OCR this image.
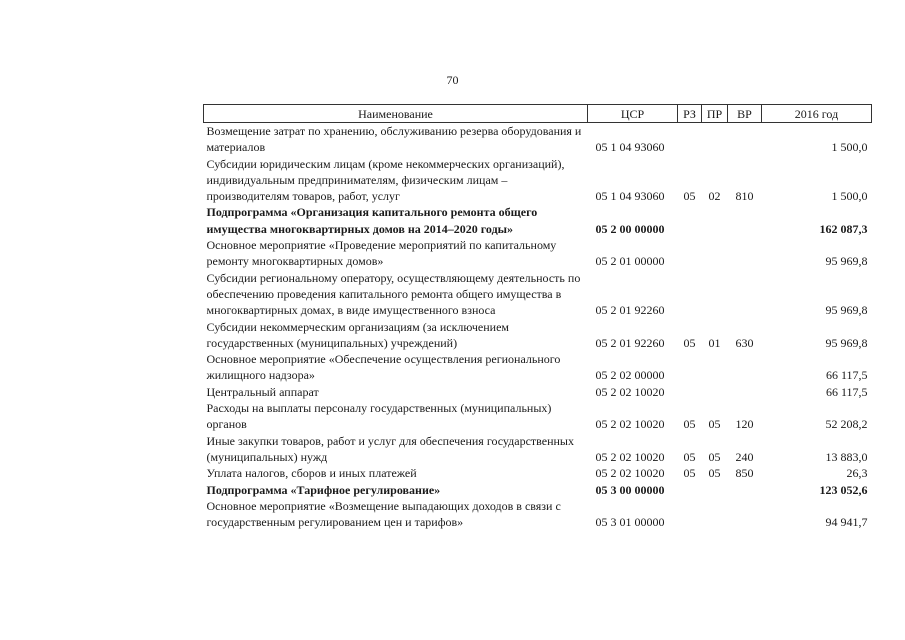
70
Наименование	ЦСР	РЗ	ПР	ВР	2016 год
Возмещение затрат по хранению, обслуживанию резерва оборудования и материалов	05 1 04 93060				1 500,0
Субсидии юридическим лицам (кроме некоммерческих организаций), индивидуальным предпринимателям, физическим лицам – производителям товаров, работ, услуг	05 1 04 93060	05	02	810	1 500,0
Подпрограмма «Организация капитального ремонта общего имущества многоквартирных домов на 2014–2020 годы»	05 2 00 00000				162 087,3
Основное мероприятие «Проведение мероприятий по капитальному ремонту многоквартирных домов»	05 2 01 00000				95 969,8
Субсидии региональному оператору, осуществляющему деятельность по обеспечению проведения капитального ремонта общего имущества в многоквартирных домах, в виде имущественного взноса	05 2 01 92260				95 969,8
Субсидии некоммерческим организациям (за исключением государственных (муниципальных) учреждений)	05 2 01 92260	05	01	630	95 969,8
Основное мероприятие «Обеспечение осуществления регионального жилищного надзора»	05 2 02 00000				66 117,5
Центральный аппарат	05 2 02 10020				66 117,5
Расходы на выплаты персоналу государственных (муниципальных) органов	05 2 02 10020	05	05	120	52 208,2
Иные закупки товаров, работ и услуг для обеспечения государственных (муниципальных) нужд	05 2 02 10020	05	05	240	13 883,0
Уплата налогов, сборов и иных платежей	05 2 02 10020	05	05	850	26,3
Подпрограмма «Тарифное регулирование»	05 3 00 00000				123 052,6
Основное мероприятие «Возмещение выпадающих доходов в связи с государственным регулированием цен и тарифов»	05 3 01 00000				94 941,7
